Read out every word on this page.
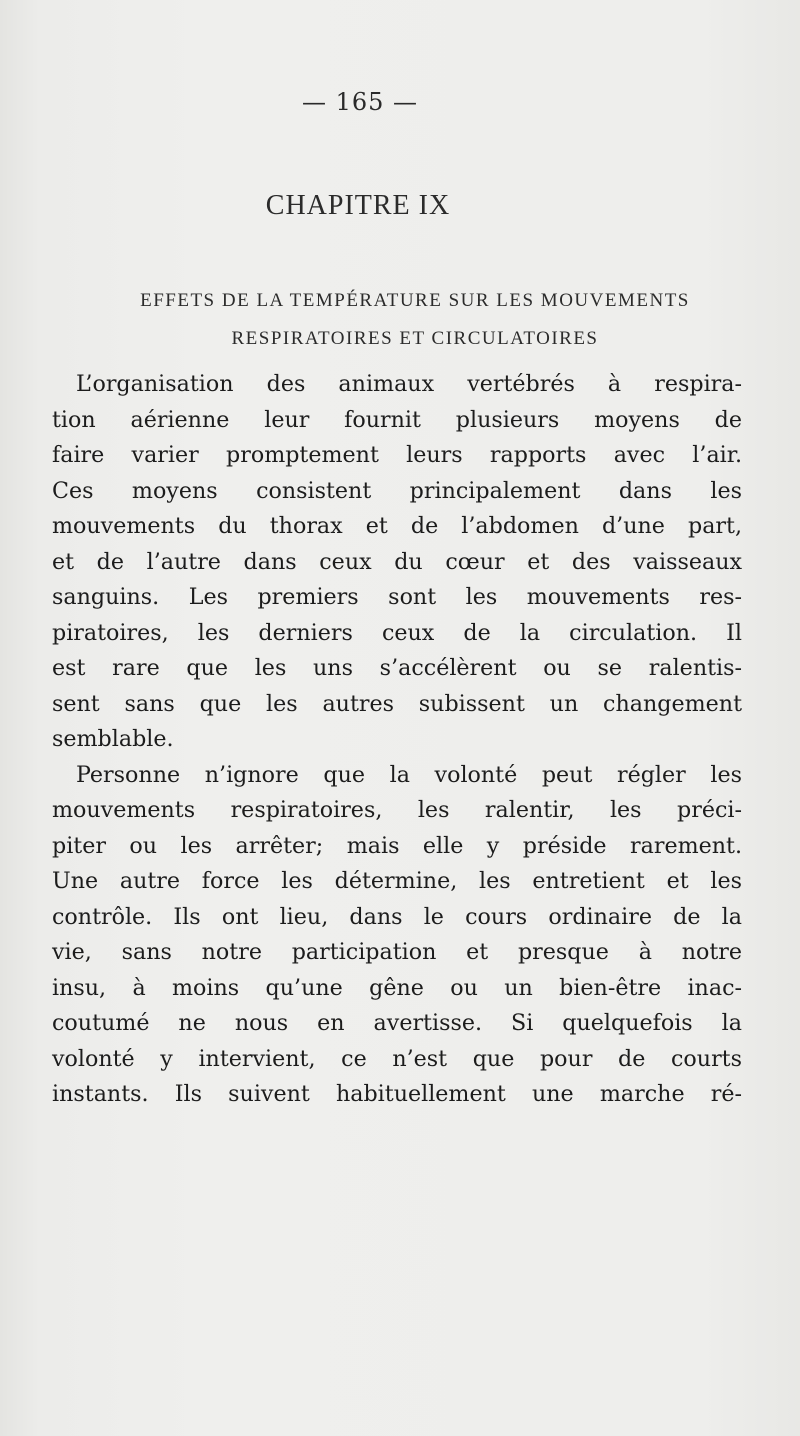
— 165 —
CHAPITRE IX
EFFETS DE LA TEMPÉRATURE SUR LES MOUVEMENTS
RESPIRATOIRES ET CIRCULATOIRES
L’organisation des animaux vertébrés à respira-
tion aérienne leur fournit plusieurs moyens de
faire varier promptement leurs rapports avec l’air.
Ces moyens consistent principalement dans les
mouvements du thorax et de l’abdomen d’une part,
et de l’autre dans ceux du cœur et des vaisseaux
sanguins. Les premiers sont les mouvements res-
piratoires, les derniers ceux de la circulation. Il
est rare que les uns s’accélèrent ou se ralentis-
sent sans que les autres subissent un changement
semblable.
Personne n’ignore que la volonté peut régler les
mouvements respiratoires, les ralentir, les préci-
piter ou les arrêter; mais elle y préside rarement.
Une autre force les détermine, les entretient et les
contrôle. Ils ont lieu, dans le cours ordinaire de la
vie, sans notre participation et presque à notre
insu, à moins qu’une gêne ou un bien-être inac-
coutumé ne nous en avertisse. Si quelquefois la
volonté y intervient, ce n’est que pour de courts
instants. Ils suivent habituellement une marche ré-
